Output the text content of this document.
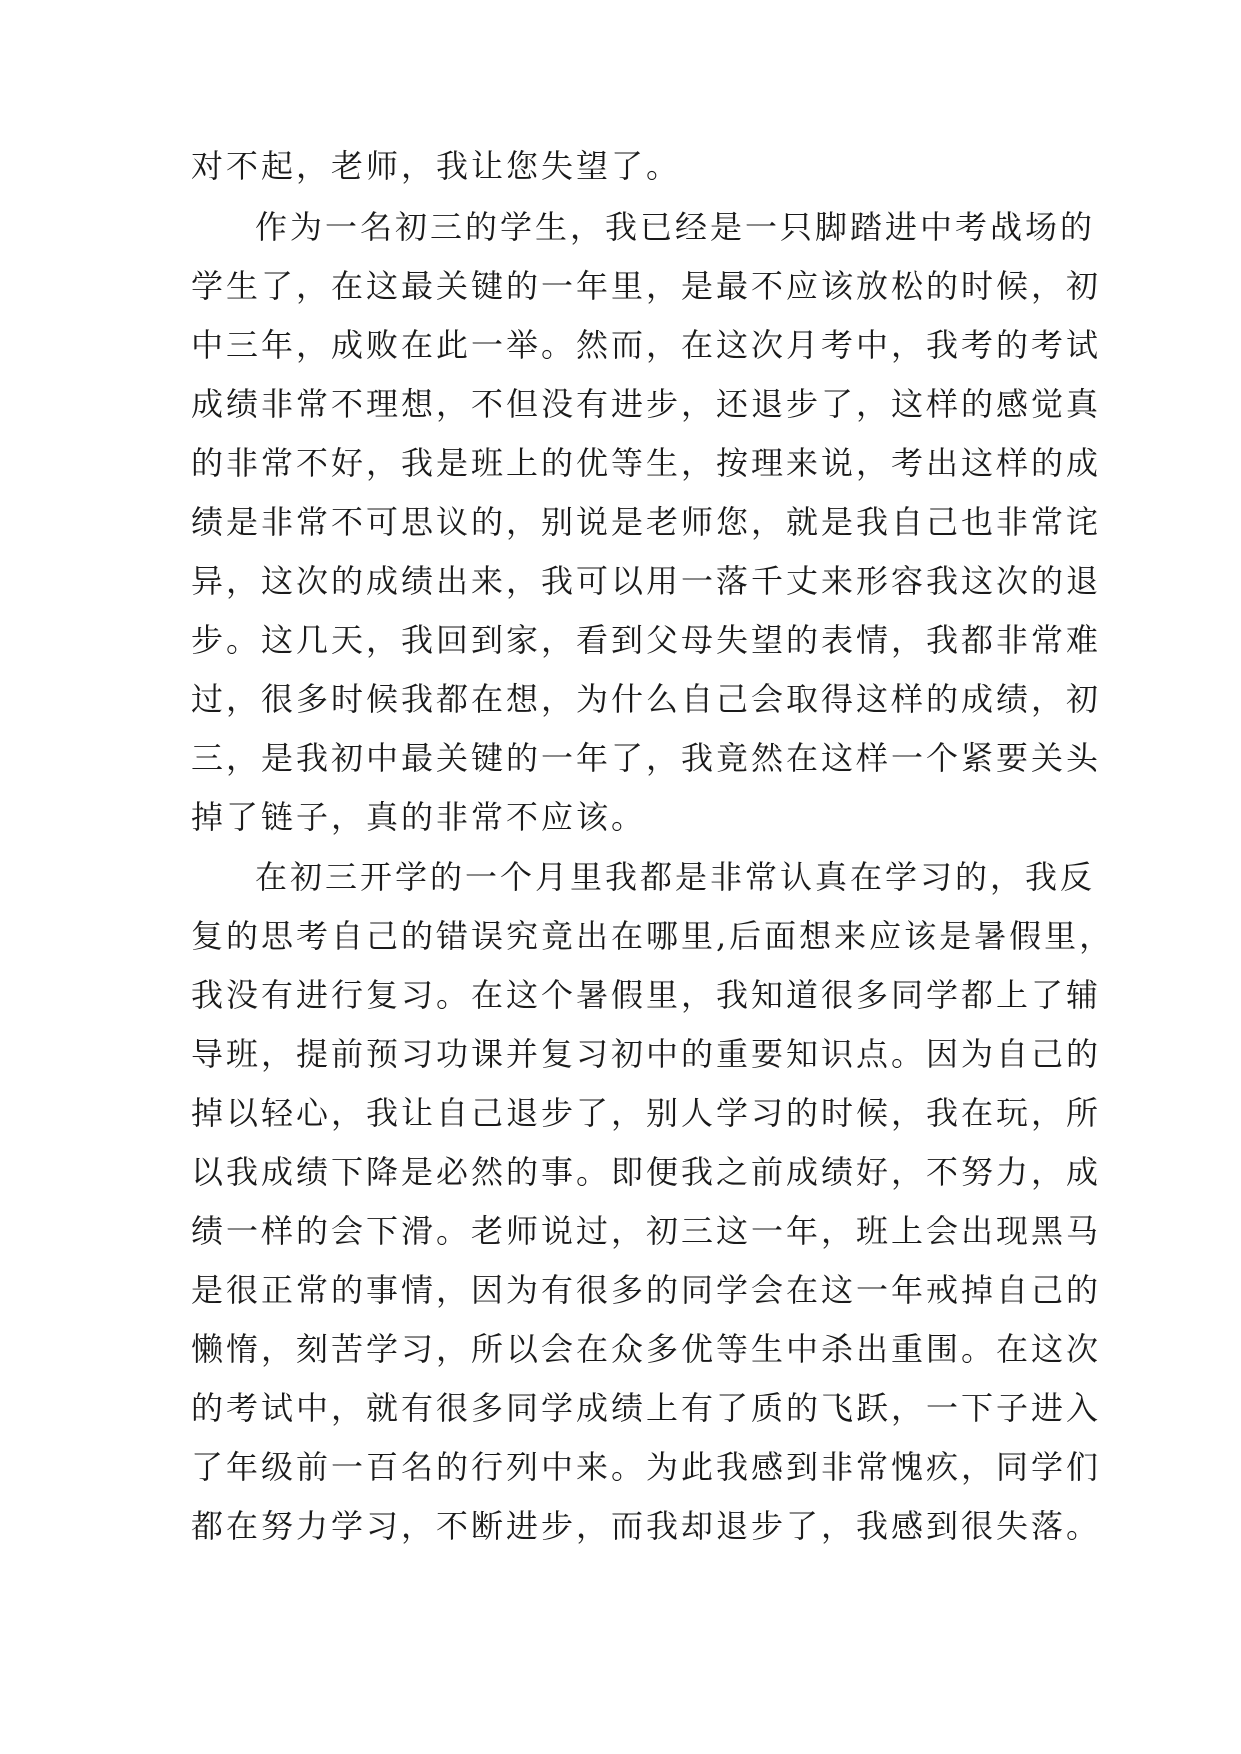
对不起，老师，我让您失望了。
作为一名初三的学生，我已经是一只脚踏进中考战场的
学生了，在这最关键的一年里，是最不应该放松的时候，初
中三年，成败在此一举。然而，在这次月考中，我考的考试
成绩非常不理想，不但没有进步，还退步了，这样的感觉真
的非常不好，我是班上的优等生，按理来说，考出这样的成
绩是非常不可思议的，别说是老师您，就是我自己也非常诧
异，这次的成绩出来，我可以用一落千丈来形容我这次的退
步。这几天，我回到家，看到父母失望的表情，我都非常难
过，很多时候我都在想，为什么自己会取得这样的成绩，初
三，是我初中最关键的一年了，我竟然在这样一个紧要关头
掉了链子，真的非常不应该。
在初三开学的一个月里我都是非常认真在学习的，我反
复的思考自己的错误究竟出在哪里,后面想来应该是暑假里，
我没有进行复习。在这个暑假里，我知道很多同学都上了辅
导班，提前预习功课并复习初中的重要知识点。因为自己的
掉以轻心，我让自己退步了，别人学习的时候，我在玩，所
以我成绩下降是必然的事。即便我之前成绩好，不努力，成
绩一样的会下滑。老师说过，初三这一年，班上会出现黑马
是很正常的事情，因为有很多的同学会在这一年戒掉自己的
懒惰，刻苦学习，所以会在众多优等生中杀出重围。在这次
的考试中，就有很多同学成绩上有了质的飞跃，一下子进入
了年级前一百名的行列中来。为此我感到非常愧疚，同学们
都在努力学习，不断进步，而我却退步了，我感到很失落。
